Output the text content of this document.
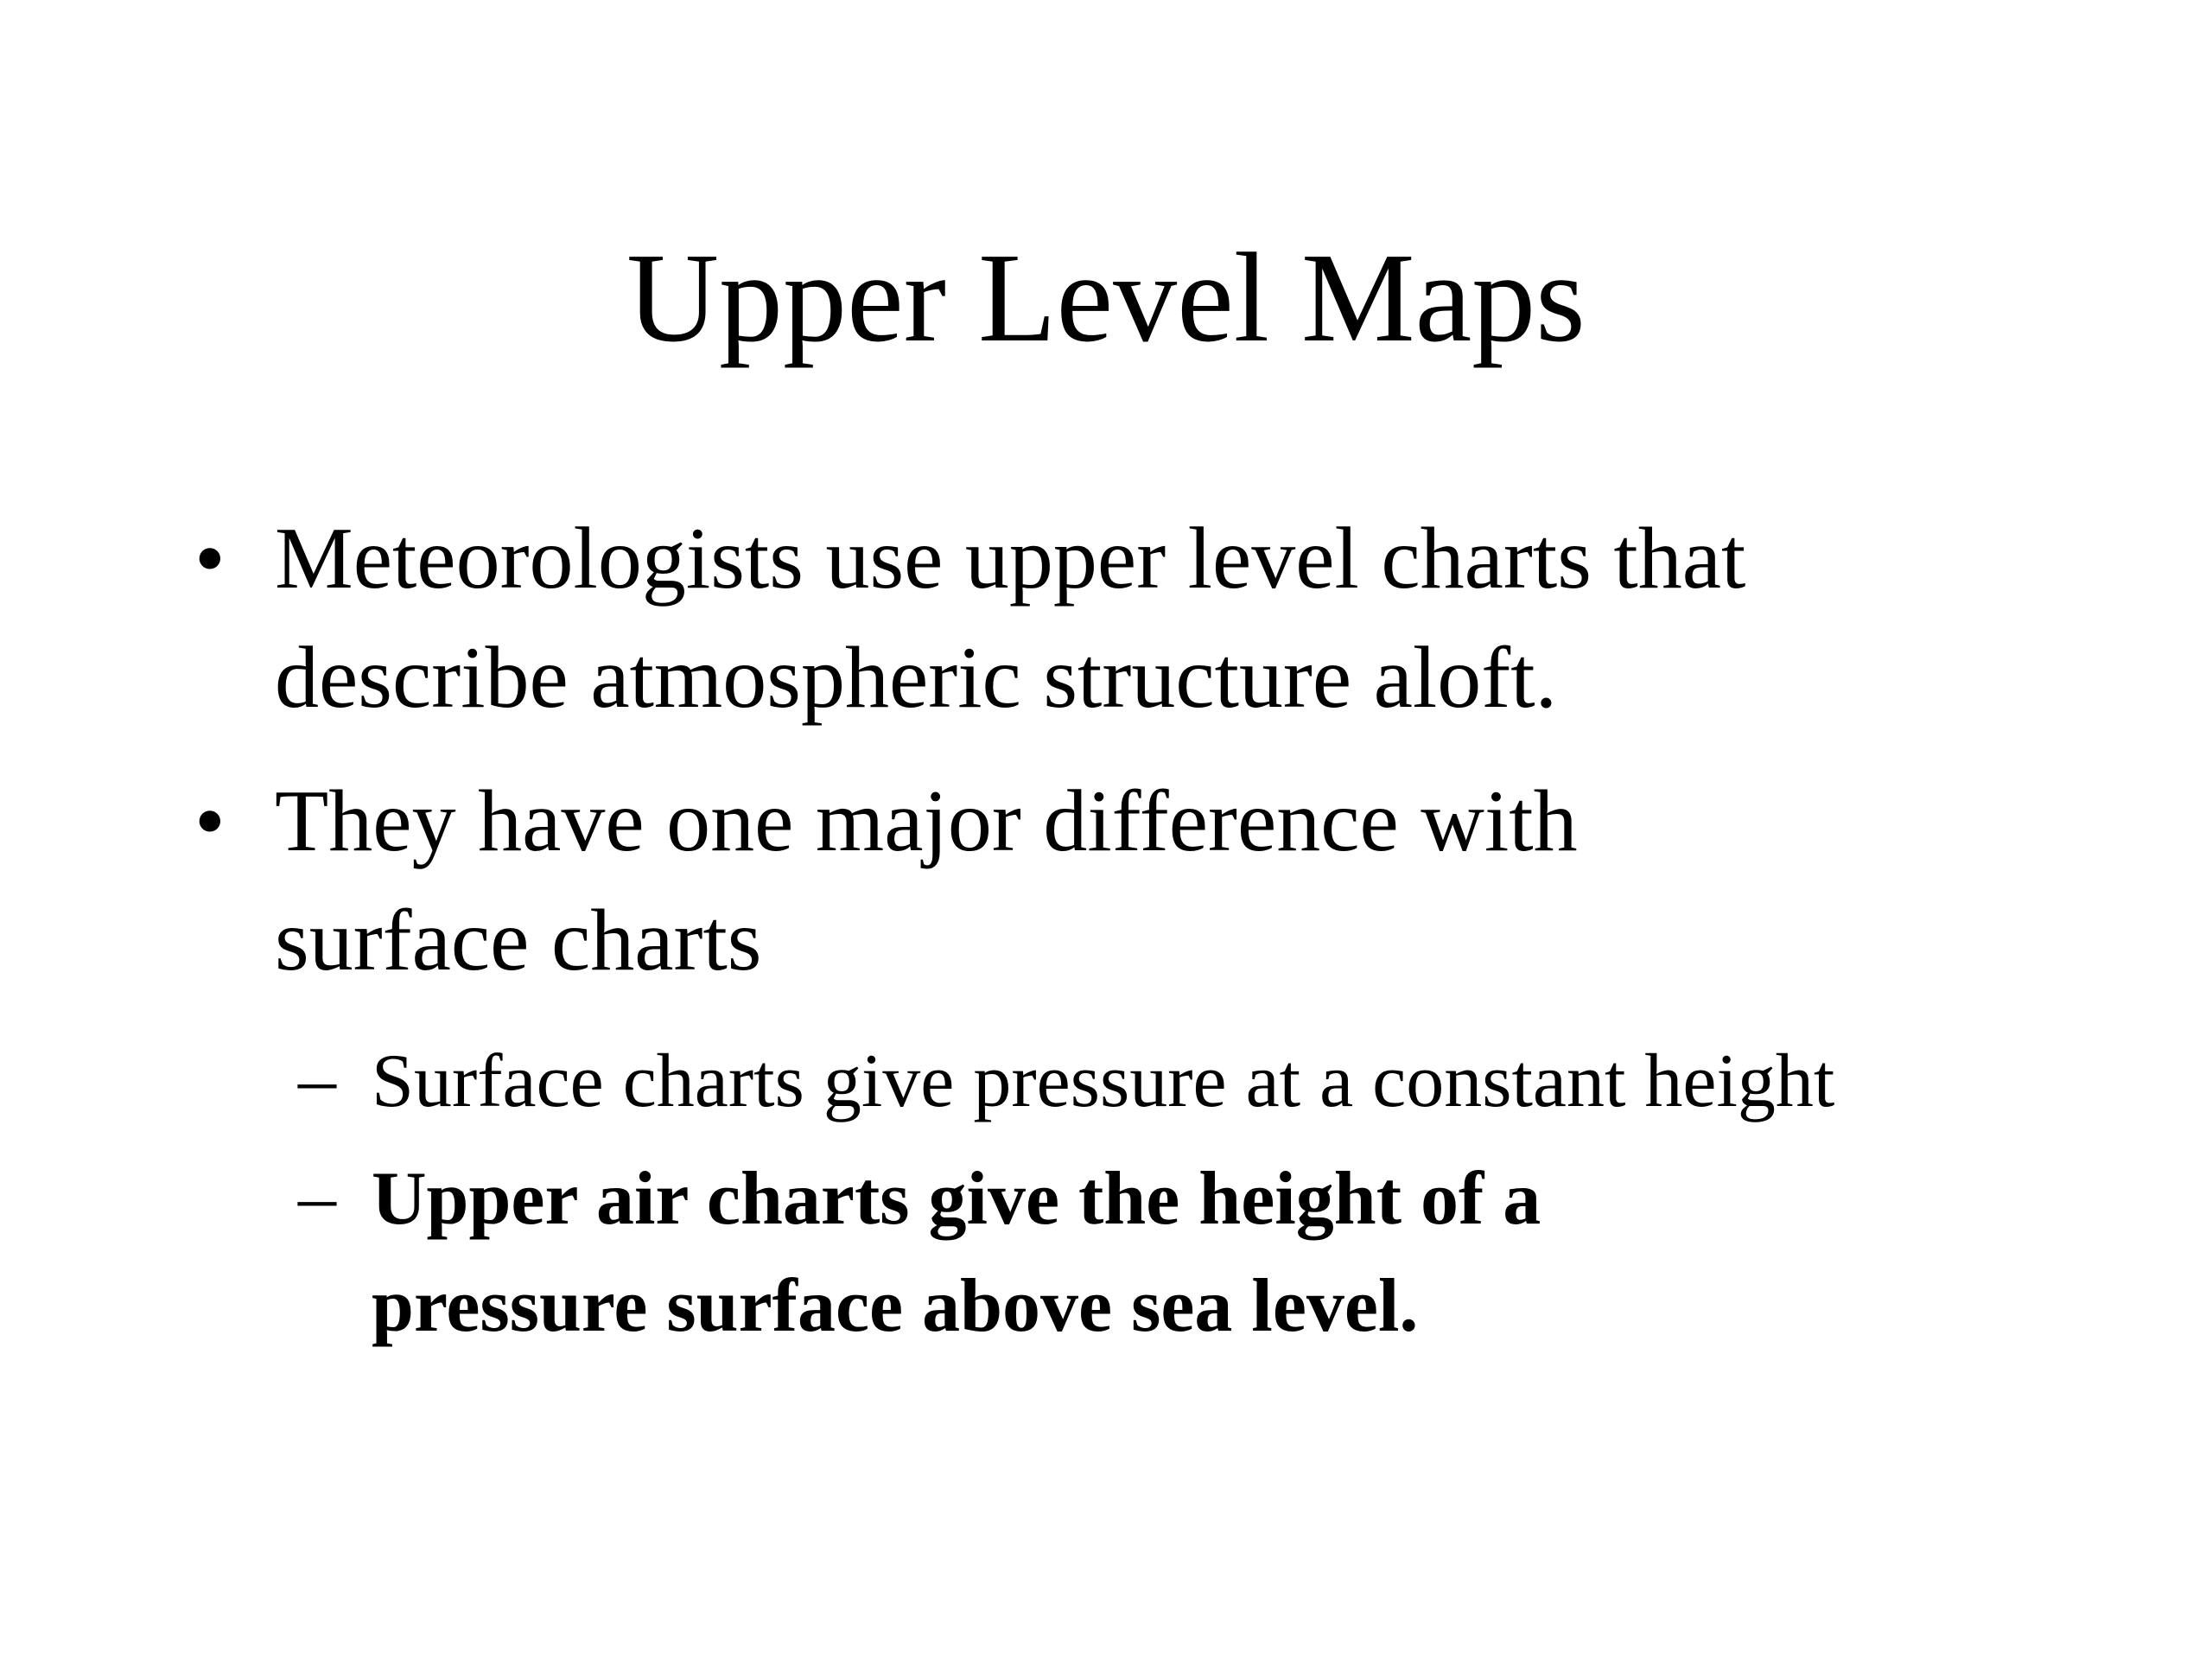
Upper Level Maps
• Meteorologists use upper level charts that
describe atmospheric structure aloft.
• They have one major difference with
surface charts
– Surface charts give pressure at a constant height
– Upper air charts give the height of a
pressure surface above sea level.
